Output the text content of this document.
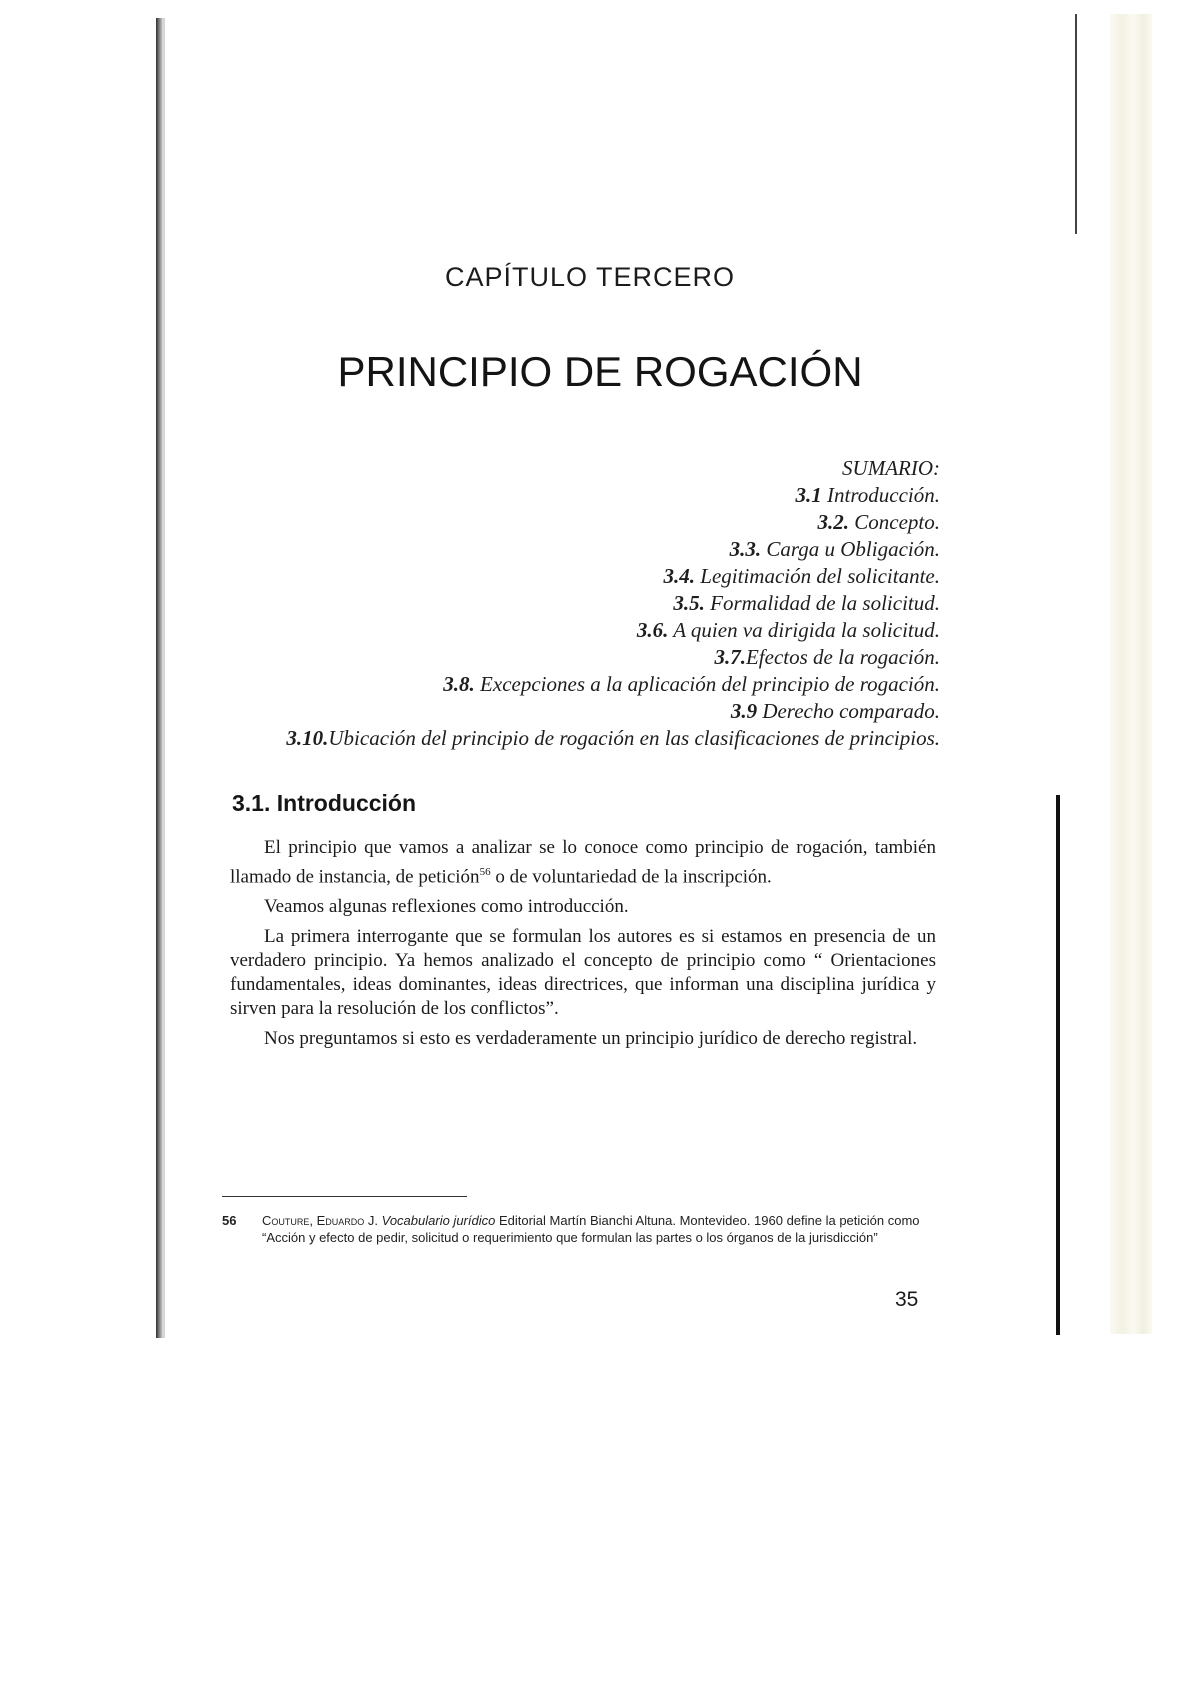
CAPÍTULO TERCERO
PRINCIPIO DE ROGACIÓN
SUMARIO:
3.1 Introducción.
3.2. Concepto.
3.3. Carga u Obligación.
3.4. Legitimación del solicitante.
3.5. Formalidad de la solicitud.
3.6. A quien va dirigida la solicitud.
3.7.Efectos de la rogación.
3.8. Excepciones a la aplicación del principio de rogación.
3.9 Derecho comparado.
3.10.Ubicación del principio de rogación en las clasificaciones de principios.
3.1. Introducción

El principio que vamos a analizar se lo conoce como principio de rogación, también llamado de instancia, de petición$^{56}$ o de voluntariedad de la inscripción.

Veamos algunas reflexiones como introducción.

La primera interrogante que se formulan los autores es si estamos en presencia de un verdadero principio. Ya hemos analizado el concepto de principio como “ Orientaciones fundamentales, ideas dominantes, ideas directrices, que informan una disciplina jurídica y sirven para la resolución de los conflictos”.

Nos preguntamos si esto es verdaderamente un principio jurídico de derecho registral.

56 Couture, Eduardo J. Vocabulario jurídico Editorial Martín Bianchi Altuna. Montevideo. 1960 define la petición como “Acción y efecto de pedir, solicitud o requerimiento que formulan las partes o los órganos de la jurisdicción”
35
